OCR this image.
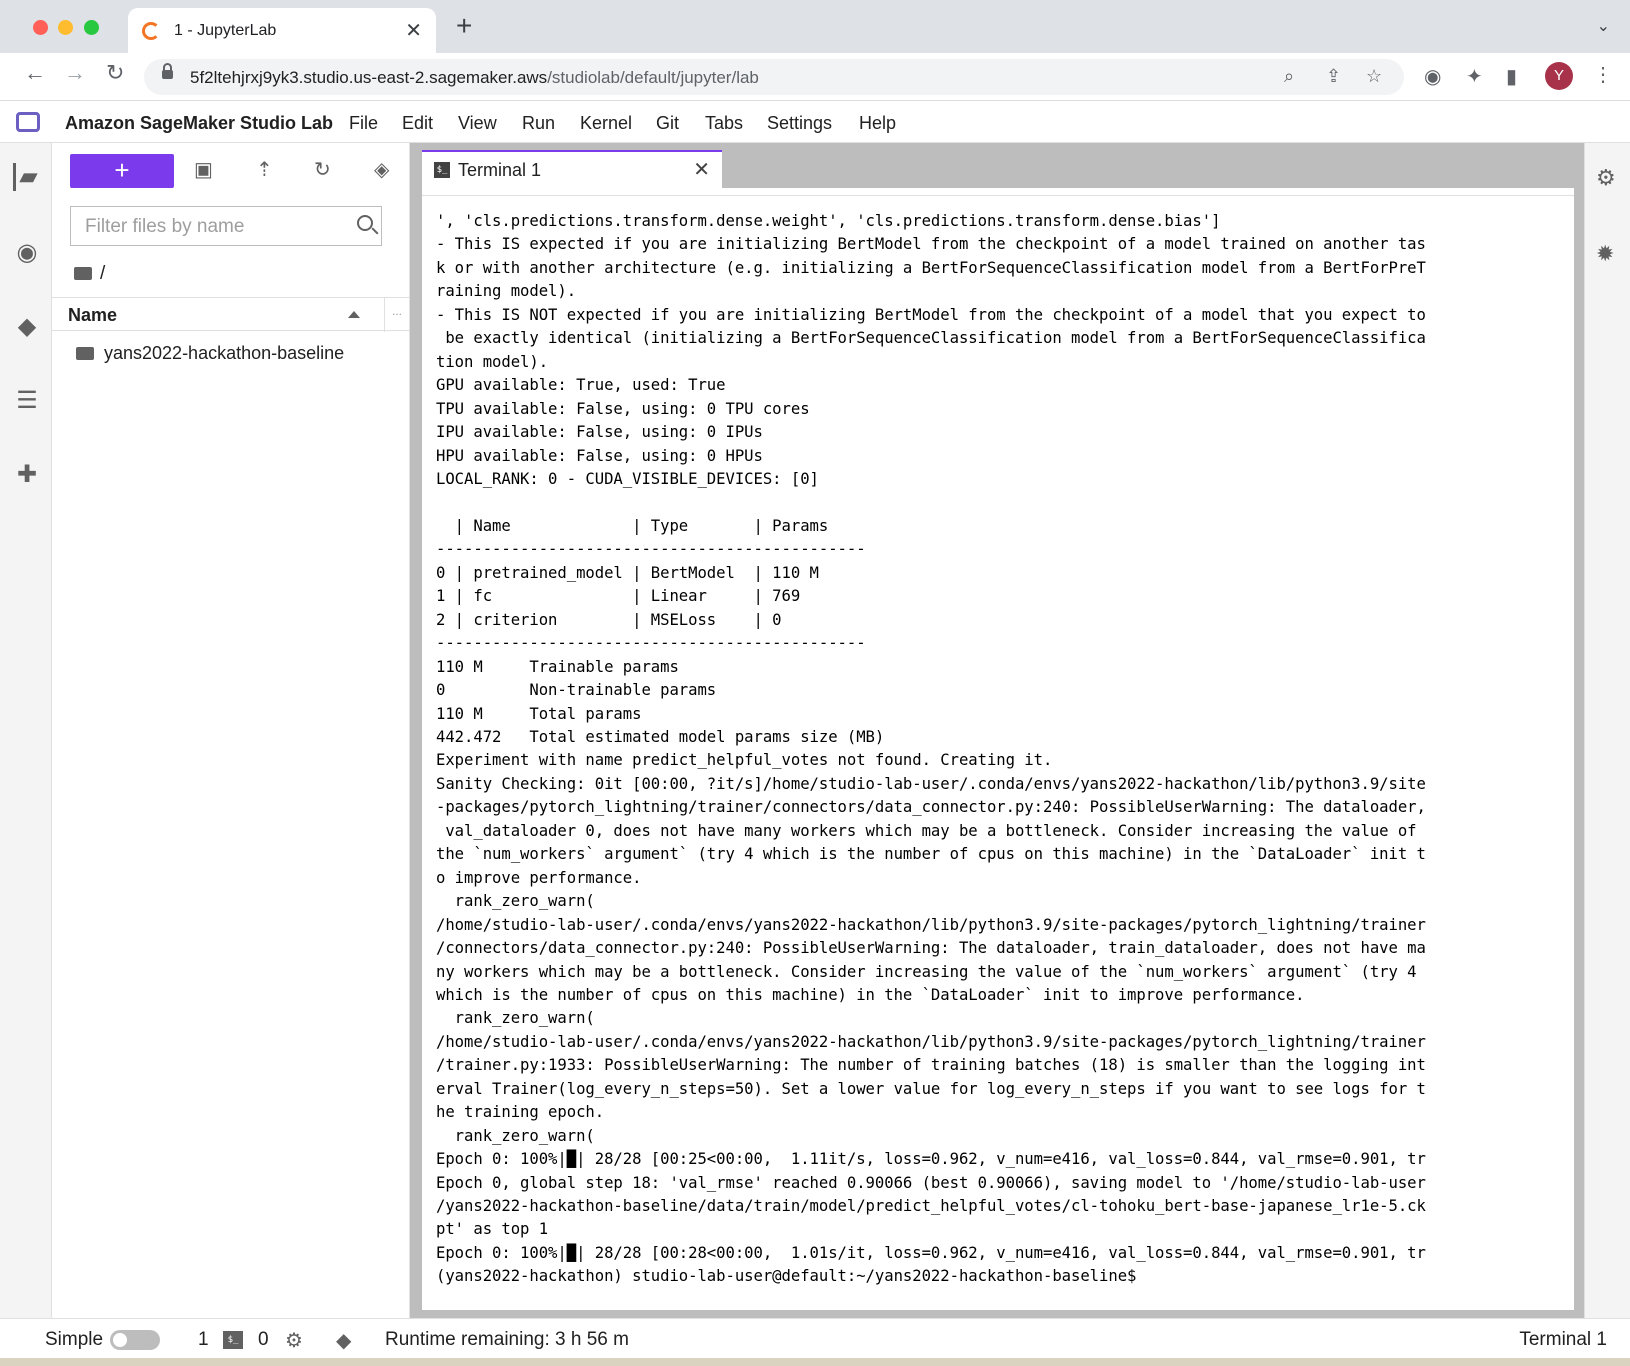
1 - JupyterLab	✕ +	⌄
← → ↻	5f2ltehjrxj9yk3.studio.us-east-2.sagemaker.aws/studiolab/default/jupyter/lab	⌕ ⇪ ☆ ◉ ✦ ▮	Y	⋮
Amazon SageMaker Studio Lab File Edit View Run Kernel Git Tabs Settings Help
▰
◉
◆
☰
✚
+	▣ ⇡ ↻ ◈
Filter files by name
/
Name	...
yans2022-hackathon-baseline
$_ Terminal 1	✕
', 'cls.predictions.transform.dense.weight', 'cls.predictions.transform.dense.bias']
- This IS expected if you are initializing BertModel from the checkpoint of a model trained on another tas
k or with another architecture (e.g. initializing a BertForSequenceClassification model from a BertForPreT
raining model).
- This IS NOT expected if you are initializing BertModel from the checkpoint of a model that you expect to
be exactly identical (initializing a BertForSequenceClassification model from a BertForSequenceClassifica
tion model).
GPU available: True, used: True
TPU available: False, using: 0 TPU cores
IPU available: False, using: 0 IPUs
HPU available: False, using: 0 HPUs
LOCAL_RANK: 0 - CUDA_VISIBLE_DEVICES: [0]

| Name             | Type       | Params
----------------------------------------------
0 | pretrained_model | BertModel  | 110 M
1 | fc               | Linear     | 769
2 | criterion        | MSELoss    | 0
----------------------------------------------
110 M     Trainable params
0         Non-trainable params
110 M     Total params
442.472   Total estimated model params size (MB)
Experiment with name predict_helpful_votes not found. Creating it.
Sanity Checking: 0it [00:00, ?it/s]/home/studio-lab-user/.conda/envs/yans2022-hackathon/lib/python3.9/site
-packages/pytorch_lightning/trainer/connectors/data_connector.py:240: PossibleUserWarning: The dataloader,
val_dataloader 0, does not have many workers which may be a bottleneck. Consider increasing the value of
the `num_workers` argument` (try 4 which is the number of cpus on this machine) in the `DataLoader` init t
o improve performance.
rank_zero_warn(
/home/studio-lab-user/.conda/envs/yans2022-hackathon/lib/python3.9/site-packages/pytorch_lightning/trainer
/connectors/data_connector.py:240: PossibleUserWarning: The dataloader, train_dataloader, does not have ma
ny workers which may be a bottleneck. Consider increasing the value of the `num_workers` argument` (try 4
which is the number of cpus on this machine) in the `DataLoader` init to improve performance.
rank_zero_warn(
/home/studio-lab-user/.conda/envs/yans2022-hackathon/lib/python3.9/site-packages/pytorch_lightning/trainer
/trainer.py:1933: PossibleUserWarning: The number of training batches (18) is smaller than the logging int
erval Trainer(log_every_n_steps=50). Set a lower value for log_every_n_steps if you want to see logs for t
he training epoch.
rank_zero_warn(
Epoch 0: 100%|█| 28/28 [00:25<00:00,  1.11it/s, loss=0.962, v_num=e416, val_loss=0.844, val_rmse=0.901, tr
Epoch 0, global step 18: 'val_rmse' reached 0.90066 (best 0.90066), saving model to '/home/studio-lab-user
/yans2022-hackathon-baseline/data/train/model/predict_helpful_votes/cl-tohoku_bert-base-japanese_lr1e-5.ck
pt' as top 1
Epoch 0: 100%|█| 28/28 [00:28<00:00,  1.01s/it, loss=0.962, v_num=e416, val_loss=0.844, val_rmse=0.901, tr
(yans2022-hackathon) studio-lab-user@default:~/yans2022-hackathon-baseline$
⚙
✹
Simple	1	$_ 0 ⚙ ◆ Runtime remaining: 3 h 56 m	Terminal 1
